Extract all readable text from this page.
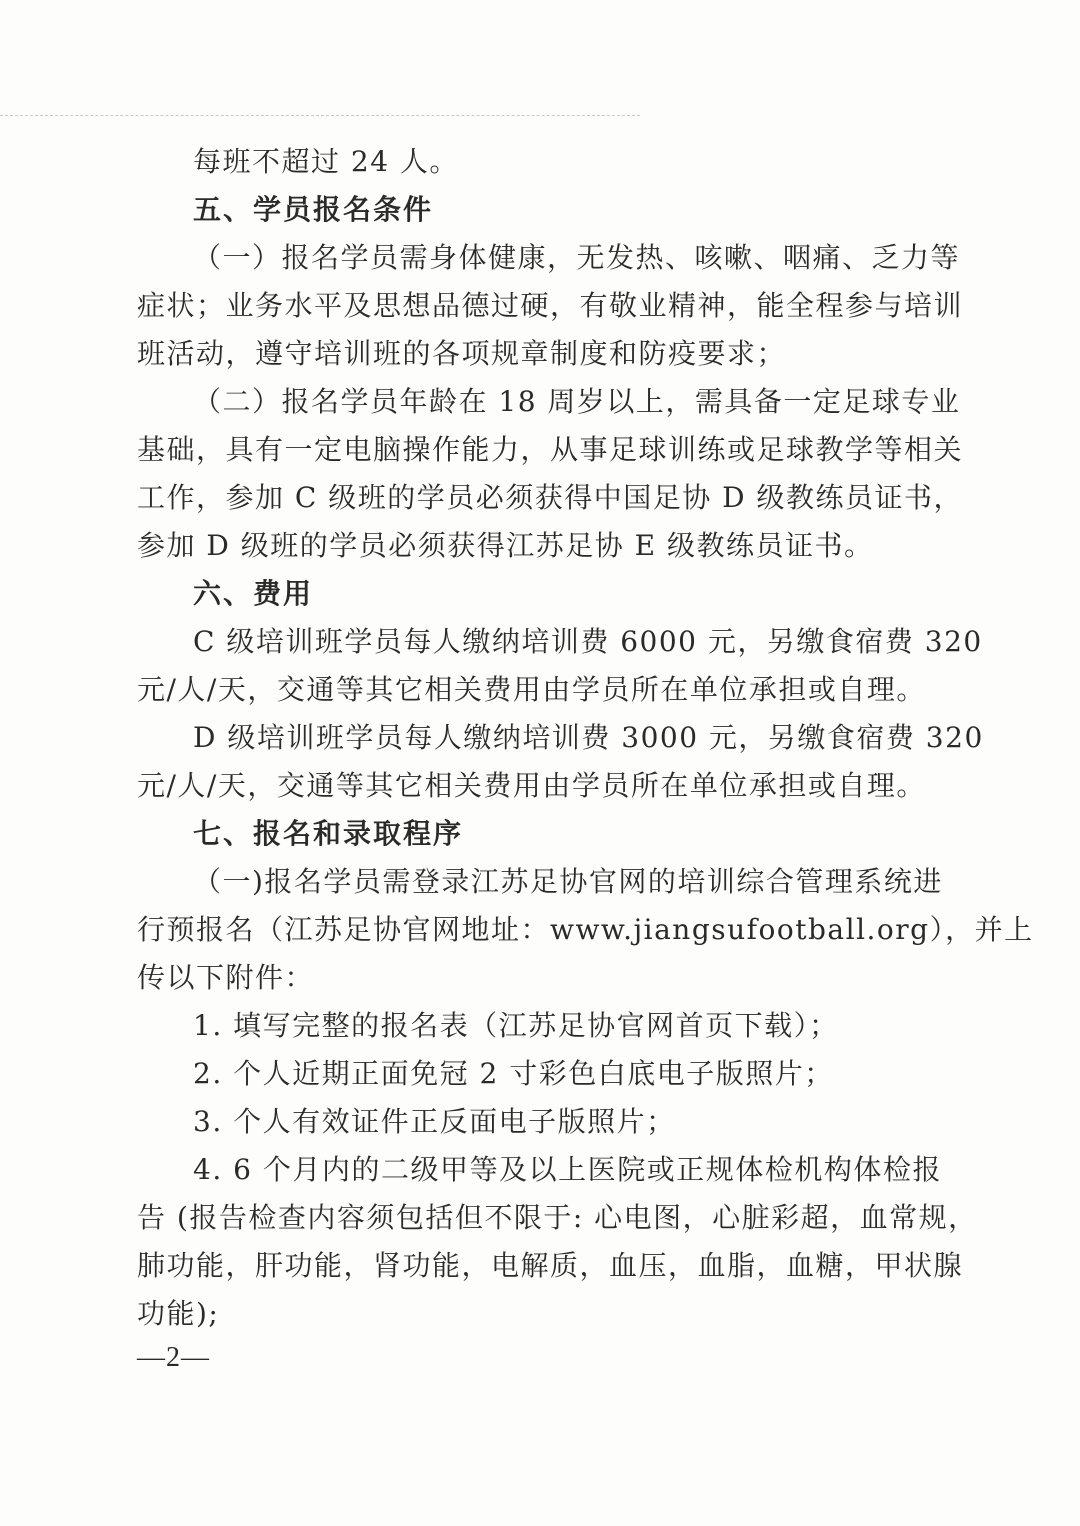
每班不超过 24 人。
五、学员报名条件
（一）报名学员需身体健康，无发热、咳嗽、咽痛、乏力等
症状；业务水平及思想品德过硬，有敬业精神，能全程参与培训
班活动，遵守培训班的各项规章制度和防疫要求；
（二）报名学员年龄在 18 周岁以上，需具备一定足球专业
基础，具有一定电脑操作能力，从事足球训练或足球教学等相关
工作，参加 C 级班的学员必须获得中国足协 D 级教练员证书，
参加 D 级班的学员必须获得江苏足协 E 级教练员证书。
六、费用
C 级培训班学员每人缴纳培训费 6000 元，另缴食宿费 320
元/人/天，交通等其它相关费用由学员所在单位承担或自理。
D 级培训班学员每人缴纳培训费 3000 元，另缴食宿费 320
元/人/天，交通等其它相关费用由学员所在单位承担或自理。
七、报名和录取程序
（一)报名学员需登录江苏足协官网的培训综合管理系统进
行预报名（江苏足协官网地址：www.jiangsufootball.org），并上
传以下附件：
1. 填写完整的报名表（江苏足协官网首页下载）；
2. 个人近期正面免冠 2 寸彩色白底电子版照片；
3. 个人有效证件正反面电子版照片；
4. 6 个月内的二级甲等及以上医院或正规体检机构体检报
告 (报告检查内容须包括但不限于: 心电图，心脏彩超，血常规，
肺功能，肝功能，肾功能，电解质，血压，血脂，血糖，甲状腺
功能);
—2—
